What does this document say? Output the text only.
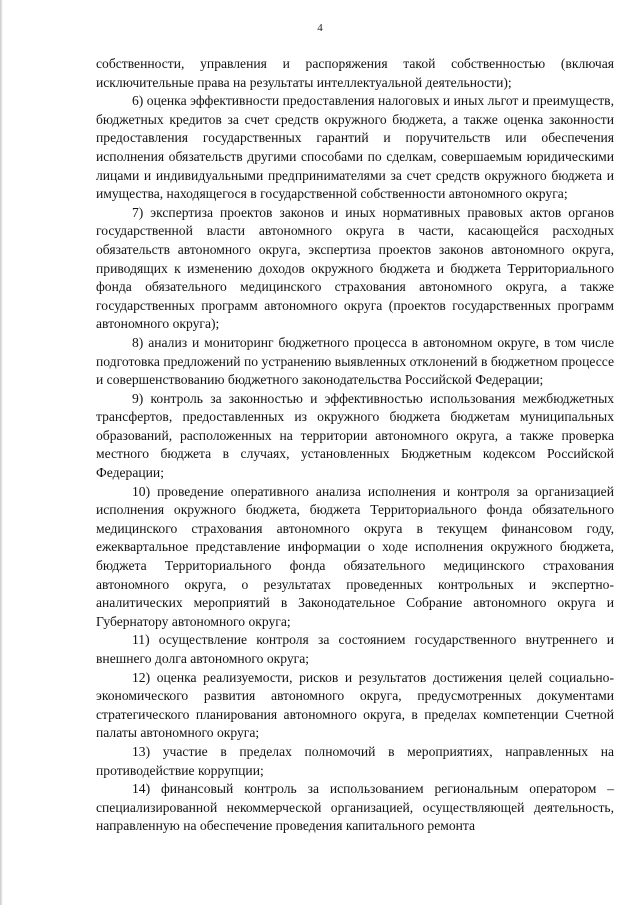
4

собственности, управления и распоряжения такой собственностью (включая исключительные права на результаты интеллектуальной деятельности);

6) оценка эффективности предоставления налоговых и иных льгот и преимуществ, бюджетных кредитов за счет средств окружного бюджета, а также оценка законности предоставления государственных гарантий и поручительств или обеспечения исполнения обязательств другими способами по сделкам, совершаемым юридическими лицами и индивидуальными предпринимателями за счет средств окружного бюджета и имущества, находящегося в государственной собственности автономного округа;

7) экспертиза проектов законов и иных нормативных правовых актов органов государственной власти автономного округа в части, касающейся расходных обязательств автономного округа, экспертиза проектов законов автономного округа, приводящих к изменению доходов окружного бюджета и бюджета Территориального фонда обязательного медицинского страхования автономного округа, а также государственных программ автономного округа (проектов государственных программ автономного округа);

8) анализ и мониторинг бюджетного процесса в автономном округе, в том числе подготовка предложений по устранению выявленных отклонений в бюджетном процессе и совершенствованию бюджетного законодательства Российской Федерации;

9) контроль за законностью и эффективностью использования межбюджетных трансфертов, предоставленных из окружного бюджета бюджетам муниципальных образований, расположенных на территории автономного округа, а также проверка местного бюджета в случаях, установленных Бюджетным кодексом Российской Федерации;

10) проведение оперативного анализа исполнения и контроля за организацией исполнения окружного бюджета, бюджета Территориального фонда обязательного медицинского страхования автономного округа в текущем финансовом году, ежеквартальное представление информации о ходе исполнения окружного бюджета, бюджета Территориального фонда обязательного медицинского страхования автономного округа, о результатах проведенных контрольных и экспертно-аналитических мероприятий в Законодательное Собрание автономного округа и Губернатору автономного округа;

11) осуществление контроля за состоянием государственного внутреннего и внешнего долга автономного округа;

12) оценка реализуемости, рисков и результатов достижения целей социально-экономического развития автономного округа, предусмотренных документами стратегического планирования автономного округа, в пределах компетенции Счетной палаты автономного округа;

13) участие в пределах полномочий в мероприятиях, направленных на противодействие коррупции;

14) финансовый контроль за использованием региональным оператором – специализированной некоммерческой организацией, осуществляющей деятельность, направленную на обеспечение проведения капитального ремонта
